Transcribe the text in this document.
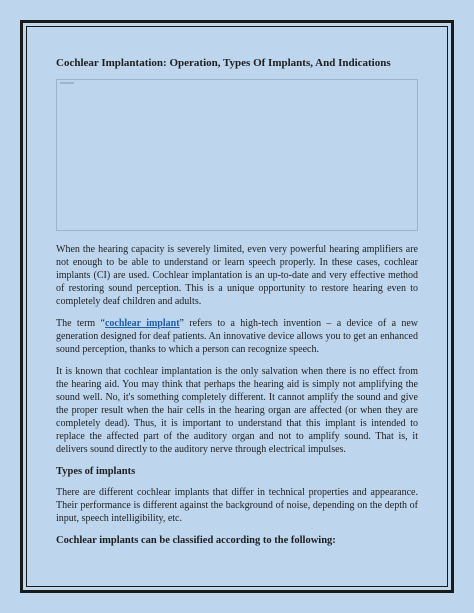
Cochlear Implantation: Operation, Types Of Implants, And Indications

When the hearing capacity is severely limited, even very powerful hearing amplifiers are not enough to be able to understand or learn speech properly. In these cases, cochlear implants (CI) are used. Cochlear implantation is an up-to-date and very effective method of restoring sound perception. This is a unique opportunity to restore hearing even to completely deaf children and adults.

The term “cochlear implant” refers to a high-tech invention – a device of a new generation designed for deaf patients. An innovative device allows you to get an enhanced sound perception, thanks to which a person can recognize speech.

It is known that cochlear implantation is the only salvation when there is no effect from the hearing aid. You may think that perhaps the hearing aid is simply not amplifying the sound well. No, it's something completely different. It cannot amplify the sound and give the proper result when the hair cells in the hearing organ are affected (or when they are completely dead). Thus, it is important to understand that this implant is intended to replace the affected part of the auditory organ and not to amplify sound. That is, it delivers sound directly to the auditory nerve through electrical impulses.

Types of implants

There are different cochlear implants that differ in technical properties and appearance. Their performance is different against the background of noise, depending on the depth of input, speech intelligibility, etc.

Cochlear implants can be classified according to the following:
